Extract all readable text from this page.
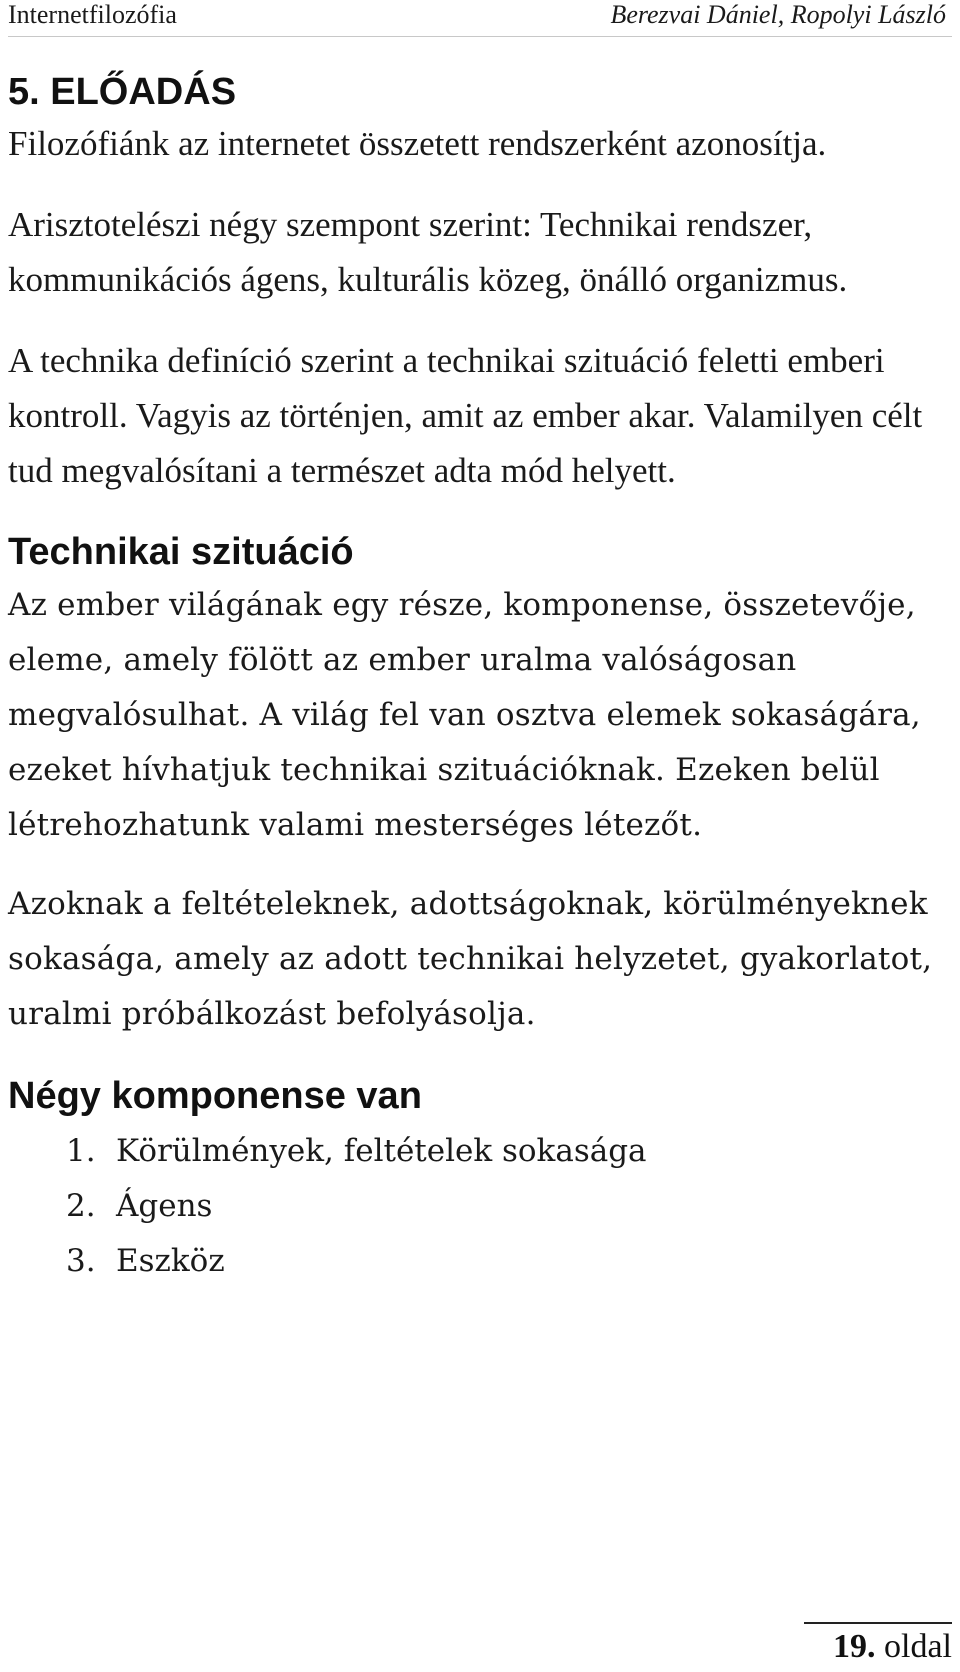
Internetfilozófia	Berezvai Dániel, Ropolyi László
5. ELŐADÁS

Filozófiánk az internetet összetett rendszerként azonosítja.

Arisztotelészi négy szempont szerint: Technikai rendszer, kommunikációs ágens, kulturális közeg, önálló organizmus.

A technika definíció szerint a technikai szituáció feletti emberi kontroll. Vagyis az történjen, amit az ember akar. Valamilyen célt tud megvalósítani a természet adta mód helyett.

Technikai szituáció

Az ember világának egy része, komponense, összetevője, eleme, amely fölött az ember uralma valóságosan megvalósulhat. A világ fel van osztva elemek sokaságára, ezeket hívhatjuk technikai szituációknak. Ezeken belül létrehozhatunk valami mesterséges létezőt.

Azoknak a feltételeknek, adottságoknak, körülményeknek sokasága, amely az adott technikai helyzetet, gyakorlatot, uralmi próbálkozást befolyásolja.

Négy komponense van
1. Körülmények, feltételek sokasága
2. Ágens
3. Eszköz
19. oldal
